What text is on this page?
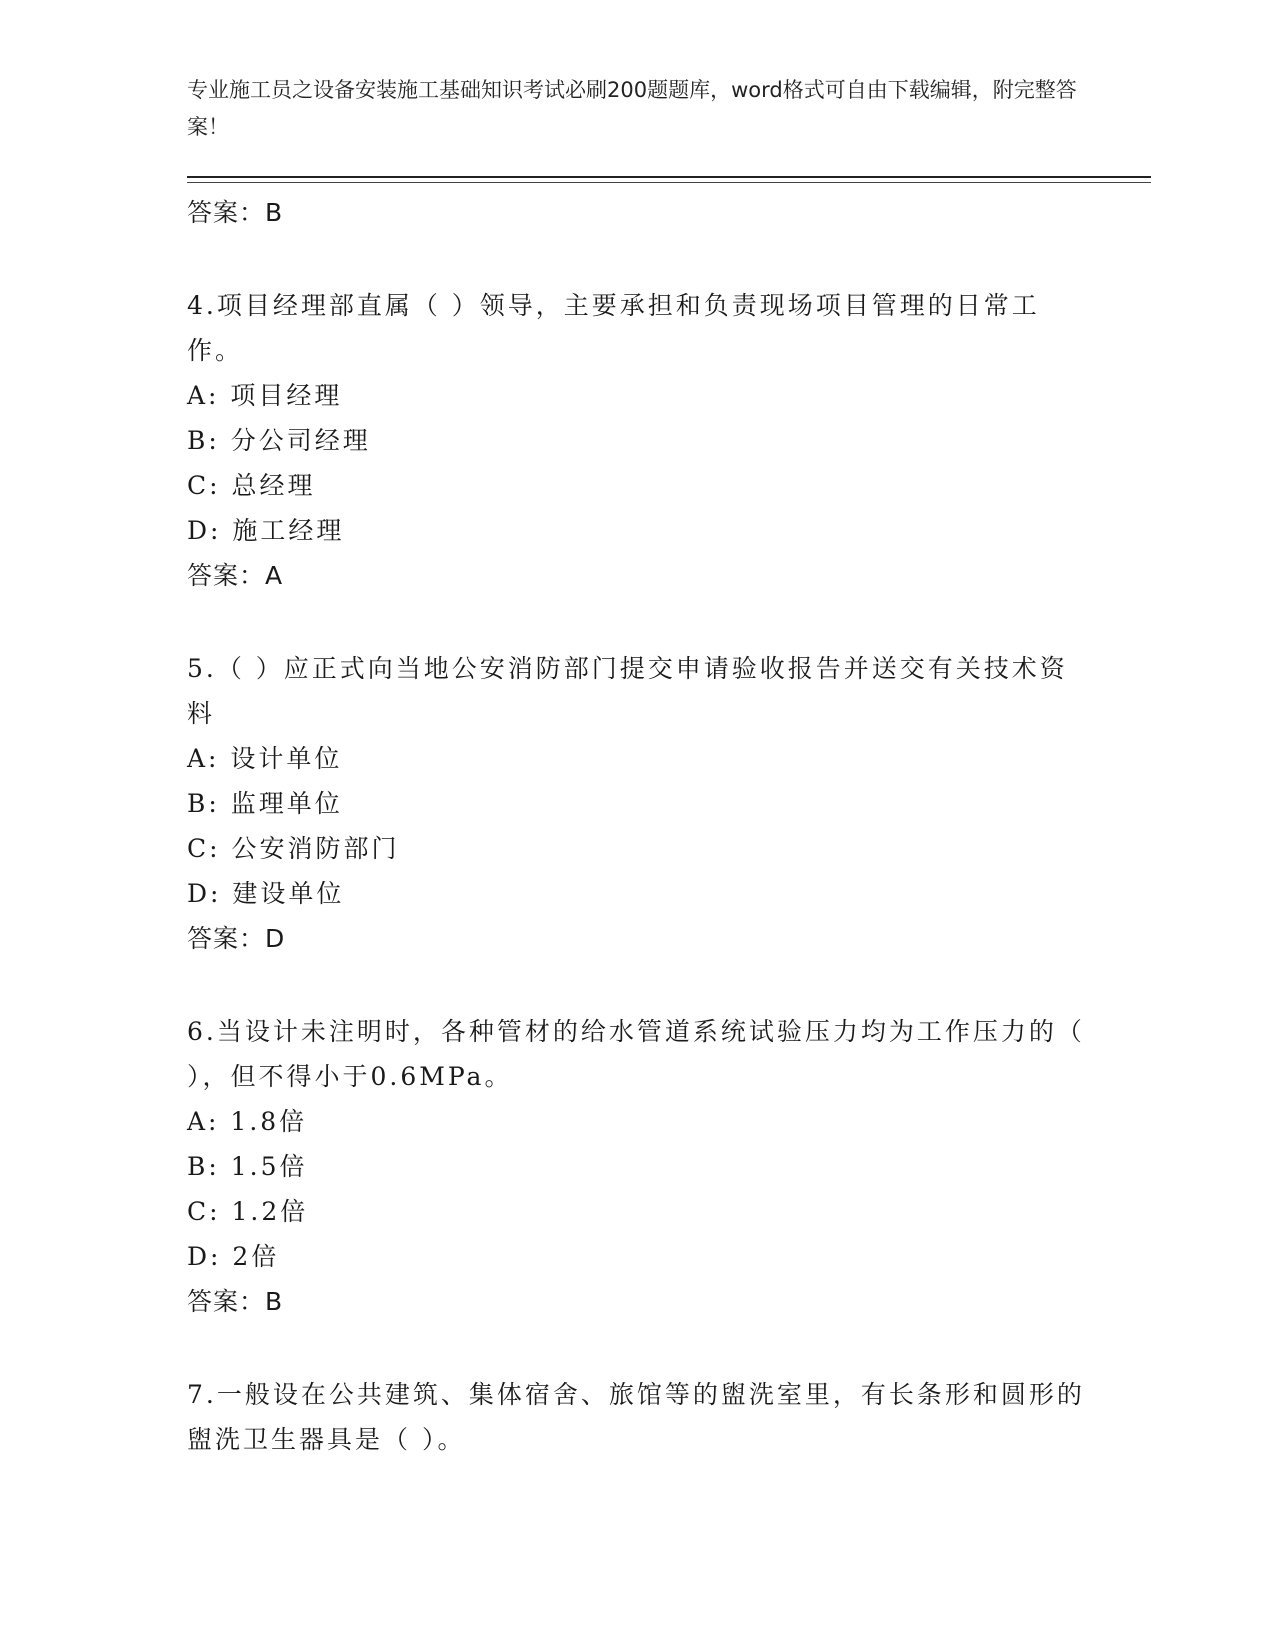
专业施工员之设备安装施工基础知识考试必刷200题题库，word格式可自由下载编辑，附完整答案！

答案：B

4.项目经理部直属（ ）领导，主要承担和负责现场项目管理的日常工作。

A: 项目经理

B: 分公司经理

C: 总经理

D: 施工经理

答案：A

5.（ ）应正式向当地公安消防部门提交申请验收报告并送交有关技术资料

A: 设计单位

B: 监理单位

C: 公安消防部门

D: 建设单位

答案：D

6.当设计未注明时，各种管材的给水管道系统试验压力均为工作压力的（ ），但不得小于0.6MPa。

A: 1.8倍

B: 1.5倍

C: 1.2倍

D: 2倍

答案：B

7.一般设在公共建筑、集体宿舍、旅馆等的盥洗室里，有长条形和圆形的盥洗卫生器具是（ ）。
